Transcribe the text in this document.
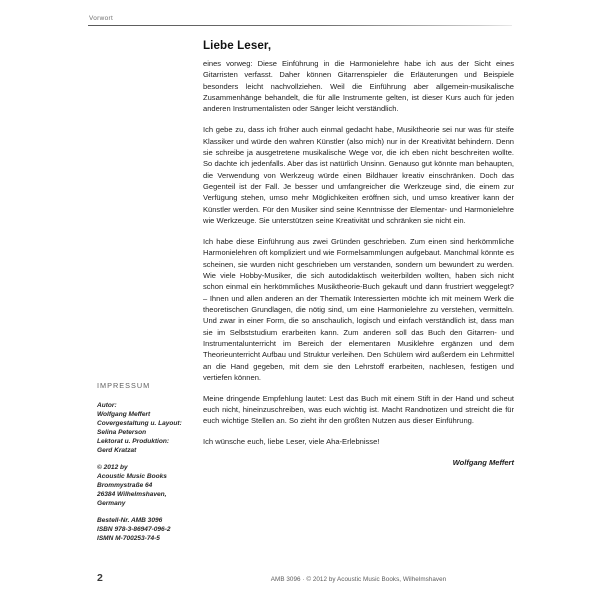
Vorwort
Liebe Leser,

eines vorweg: Diese Einführung in die Harmonielehre habe ich aus der Sicht eines Gitarristen verfasst. Daher können Gitarrenspieler die Erläuterungen und Beispiele besonders leicht nachvollziehen. Weil die Einführung aber allgemein-musikalische Zusammenhänge behandelt, die für alle Instrumente gelten, ist dieser Kurs auch für jeden anderen Instrumentalisten oder Sänger leicht verständlich.

Ich gebe zu, dass ich früher auch einmal gedacht habe, Musiktheorie sei nur was für steife Klassiker und würde den wahren Künstler (also mich) nur in der Kreativität behindern. Denn sie schreibe ja ausgetretene musikalische Wege vor, die ich eben nicht beschreiten wollte. So dachte ich jedenfalls. Aber das ist natürlich Unsinn. Genauso gut könnte man behaupten, die Verwendung von Werkzeug würde einen Bildhauer kreativ einschränken. Doch das Gegenteil ist der Fall. Je besser und umfangreicher die Werkzeuge sind, die einem zur Verfügung stehen, umso mehr Möglichkeiten eröffnen sich, und umso kreativer kann der Künstler werden. Für den Musiker sind seine Kenntnisse der Elementar- und Harmonielehre wie Werkzeuge. Sie unterstützen seine Kreativität und schränken sie nicht ein.

Ich habe diese Einführung aus zwei Gründen geschrieben. Zum einen sind herkömmliche Harmonielehren oft kompliziert und wie Formelsammlungen aufgebaut. Manchmal könnte es scheinen, sie wurden nicht geschrieben um verstanden, sondern um bewundert zu werden. Wie viele Hobby-Musiker, die sich autodidaktisch weiterbilden wollten, haben sich nicht schon einmal ein herkömmliches Musiktheorie-Buch gekauft und dann frustriert weggelegt? – Ihnen und allen anderen an der Thematik Interessierten möchte ich mit meinem Werk die theoretischen Grundlagen, die nötig sind, um eine Harmonielehre zu verstehen, vermitteln. Und zwar in einer Form, die so anschaulich, logisch und einfach verständlich ist, dass man sie im Selbststudium erarbeiten kann. Zum anderen soll das Buch den Gitarren- und Instrumentalunterricht im Bereich der elementaren Musiklehre ergänzen und dem Theorieunterricht Aufbau und Struktur verleihen. Den Schülern wird außerdem ein Lehrmittel an die Hand gegeben, mit dem sie den Lehrstoff erarbeiten, nachlesen, festigen und vertiefen können.

Meine dringende Empfehlung lautet: Lest das Buch mit einem Stift in der Hand und scheut euch nicht, hineinzuschreiben, was euch wichtig ist. Macht Randnotizen und streicht die für euch wichtige Stellen an. So zieht ihr den größten Nutzen aus dieser Einführung.

Ich wünsche euch, liebe Leser, viele Aha-Erlebnisse!

Wolfgang Meffert
IMPRESSUM
Autor:
Wolfgang Meffert
Covergestaltung u. Layout:
Selina Peterson
Lektorat u. Produktion:
Gerd Kratzat
© 2012 by
Acoustic Music Books
Brommystraße 64
26384 Wilhelmshaven,
Germany
Bestell-Nr. AMB 3096
ISBN 978-3-86947-096-2
ISMN M-700253-74-5
2	AMB 3096 · © 2012 by Acoustic Music Books, Wilhelmshaven
